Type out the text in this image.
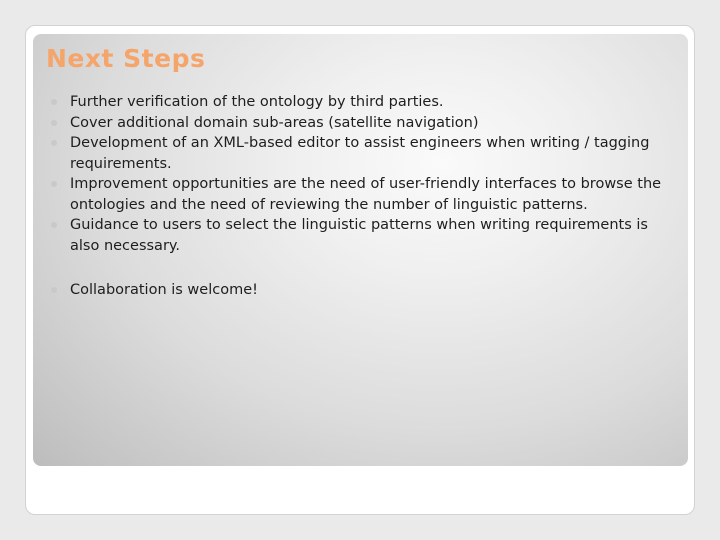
Next Steps
Further verification of the ontology by third parties.
Cover additional domain sub-areas (satellite navigation)
Development of an XML-based editor to assist engineers when writing / tagging requirements.
Improvement opportunities are the need of user-friendly interfaces to browse the ontologies and the need of reviewing the number of linguistic patterns.
Guidance to users to select the linguistic patterns when writing requirements is also necessary.
Collaboration is welcome!
